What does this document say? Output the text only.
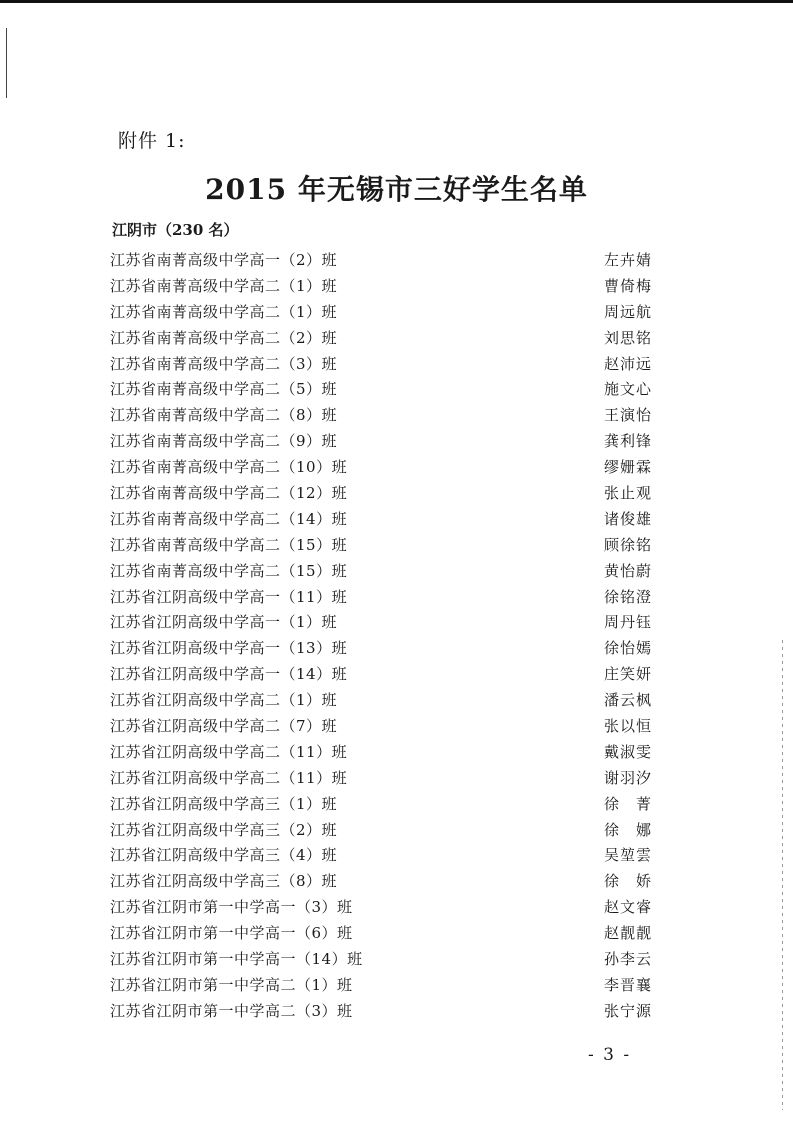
附件 1:
2015 年无锡市三好学生名单
江阴市（230 名）
江苏省南菁高级中学高一（2）班	左卉婧
江苏省南菁高级中学高二（1）班	曹倚梅
江苏省南菁高级中学高二（1）班	周远航
江苏省南菁高级中学高二（2）班	刘思铭
江苏省南菁高级中学高二（3）班	赵沛远
江苏省南菁高级中学高二（5）班	施文心
江苏省南菁高级中学高二（8）班	王演怡
江苏省南菁高级中学高二（9）班	龚利锋
江苏省南菁高级中学高二（10）班	缪姗霖
江苏省南菁高级中学高二（12）班	张止观
江苏省南菁高级中学高二（14）班	诸俊雄
江苏省南菁高级中学高二（15）班	顾徐铭
江苏省南菁高级中学高二（15）班	黄怡蔚
江苏省江阴高级中学高一（11）班	徐铭澄
江苏省江阴高级中学高一（1）班	周丹钰
江苏省江阴高级中学高一（13）班	徐怡嫣
江苏省江阴高级中学高一（14）班	庄笑妍
江苏省江阴高级中学高二（1）班	潘云枫
江苏省江阴高级中学高二（7）班	张以恒
江苏省江阴高级中学高二（11）班	戴淑雯
江苏省江阴高级中学高二（11）班	谢羽汐
江苏省江阴高级中学高三（1）班	徐　菁
江苏省江阴高级中学高三（2）班	徐　娜
江苏省江阴高级中学高三（4）班	吴堃雲
江苏省江阴高级中学高三（8）班	徐　娇
江苏省江阴市第一中学高一（3）班	赵文睿
江苏省江阴市第一中学高一（6）班	赵靓靓
江苏省江阴市第一中学高一（14）班	孙李云
江苏省江阴市第一中学高二（1）班	李晋襄
江苏省江阴市第一中学高二（3）班	张宁源
- 3 -
